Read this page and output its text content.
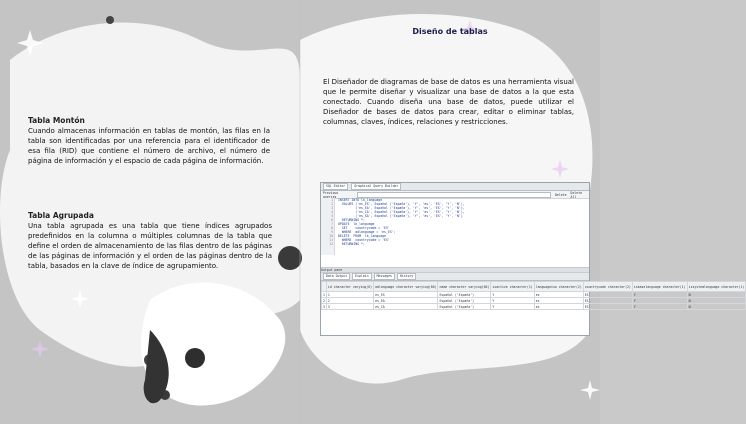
Tabla Montón
Cuando almacenas información en tablas de montón, las filas en la tabla son identificadas por una referencia para el identificador de esa fila (RID) que contiene el número de archivo, el número de página de información y el espacio de cada página de información.
Tabla Agrupada
Una tabla agrupada es una tabla que tiene índices agrupados predefinidos en la columna o múltiples columnas de la tabla que define el orden de almacenamiento de las filas dentro de las páginas de las páginas de información y el orden de las páginas dentro de la tabla, basados en la clave de índice de agrupamiento.
Diseño de tablas
El Diseñador de diagramas de base de datos es una herramienta visual que le permite diseñar y visualizar una base de datos a la que esta conectado. Cuando diseña una base de datos, puede utilizar el Diseñador de bases de datos para crear, editar o eliminar tablas, columnas, claves, índices, relaciones y restricciones.
SQL Editor	Graphical Query Builder
Previous queries	Delete Delete All
1
2
3
4
5
6
7
8
9
10
11
12
INSERT INTO lk_language
VALUES ('es_ES', Español ('España'), 'Y', 'es', 'ES', 'Y', 'N'),
('es_EA', Español ('España'), 'Y', 'es', 'ES', 'Y', 'N'),
('es_CA', Español ('España'), 'Y', 'es', 'ES', 'Y', 'N'),
('es_SA', Español ('España'), 'Y', 'es', 'ES', 'Y', 'N')
RETURNING *;
UPDATE  lk_language
SET    countrycode = 'ES'
WHERE  adlanguage = 'es_ES';
DELETE  FROM  lk_language
WHERE  countrycode = 'ES'
RETURNING *;
Output pane
Data Output	Explain	Messages	History
	id character varying(6)	adlanguage character varying(60)	name character varying(60)	isactive character(1)	languageiso character(2)	countrycode character(2)	isbaselanguage character(1)	issystemlanguage character(1)
1	1	es_ES	Español ('España')	Y	es	ES	Y	N
2	2	es_EA	Español ('España')	Y	es	ES	Y	N
3	3	es_CA	Español ('España')	Y	es	ES	Y	N
